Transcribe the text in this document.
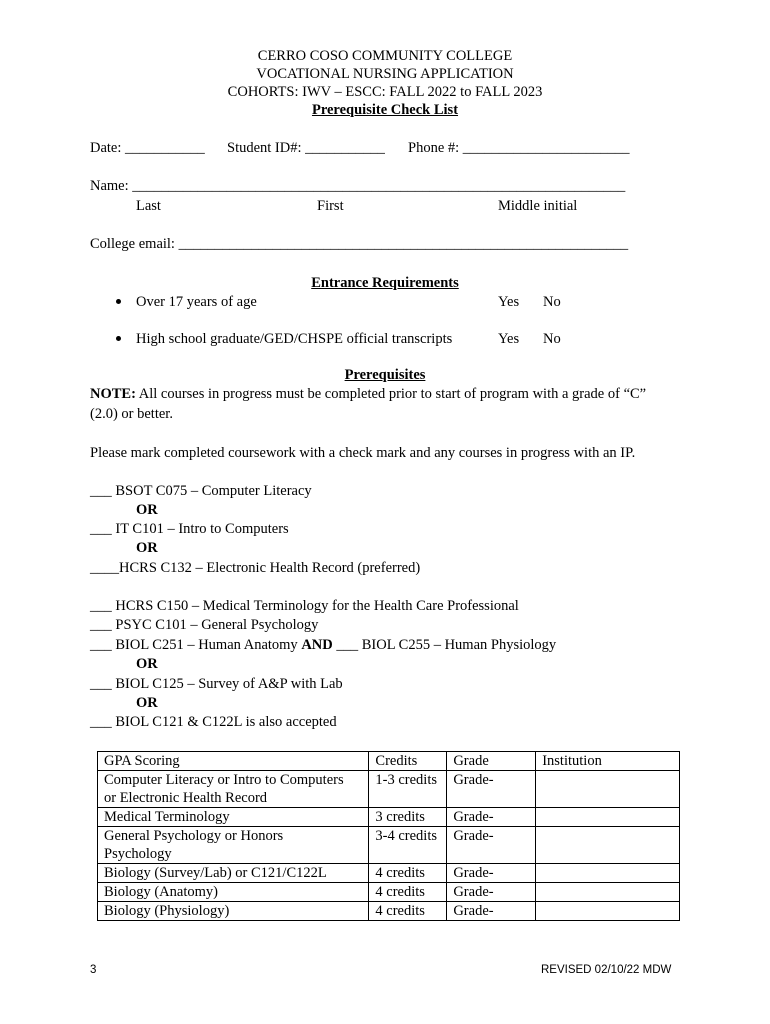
CERRO COSO COMMUNITY COLLEGE
VOCATIONAL NURSING APPLICATION
COHORTS: IWV – ESCC: FALL 2022 to FALL 2023
Prerequisite Check List
Date: ___________ Student ID#: ___________ Phone #: _______________________
Name: ____________________________________________________________________
Last	First	Middle initial
College email: ______________________________________________________________
Entrance Requirements
Over 17 years of age	Yes No
High school graduate/GED/CHSPE official transcripts	Yes No
Prerequisites
NOTE: All courses in progress must be completed prior to start of program with a grade of “C”
(2.0) or better.
Please mark completed coursework with a check mark and any courses in progress with an IP.
___ BSOT C075 – Computer Literacy
OR
___ IT C101 – Intro to Computers
OR
____HCRS C132 – Electronic Health Record (preferred)
___ HCRS C150 – Medical Terminology for the Health Care Professional
___ PSYC C101 – General Psychology
___ BIOL C251 – Human Anatomy AND ___ BIOL C255 – Human Physiology
OR
___ BIOL C125 – Survey of A&P with Lab
OR
___ BIOL C121 & C122L is also accepted
GPA Scoring	Credits	Grade	Institution

Computer Literacy or Intro to Computers
or Electronic Health Record	1-3 credits	Grade-	
Medical Terminology	3 credits	Grade-	

General Psychology or Honors
Psychology	3-4 credits	Grade-	
Biology (Survey/Lab) or C121/C122L	4 credits	Grade-	
Biology (Anatomy)	4 credits	Grade-	
Biology (Physiology)	4 credits	Grade-	
3	REVISED 02/10/22 MDW
